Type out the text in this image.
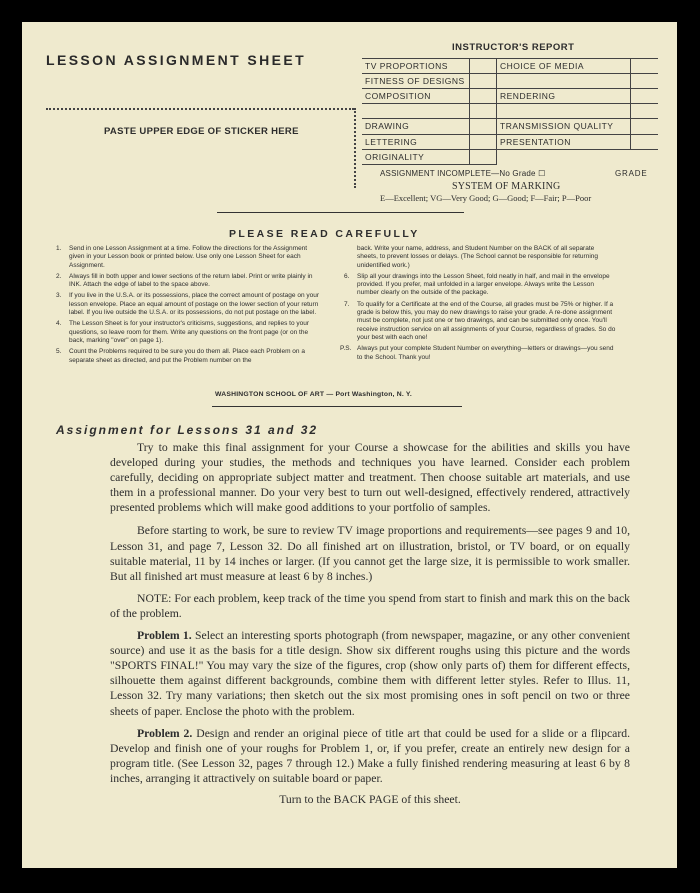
LESSON ASSIGNMENT SHEET
PASTE UPPER EDGE OF STICKER HERE
INSTRUCTOR'S REPORT
TV PROPORTIONS
FITNESS OF DESIGNS
COMPOSITION
DRAWING
LETTERING
ORIGINALITY
CHOICE OF MEDIA
RENDERING
TRANSMISSION QUALITY
PRESENTATION
ASSIGNMENT INCOMPLETE—No Grade ☐	GRADE
SYSTEM OF MARKING
E—Excellent; VG—Very Good; G—Good; F—Fair; P—Poor
PLEASE READ CAREFULLY
1. Send in one Lesson Assignment at a time. Follow the directions for the Assignment given in your Lesson book or printed below. Use only one Lesson Sheet for each Assignment.
2. Always fill in both upper and lower sections of the return label. Print or write plainly in INK. Attach the edge of label to the space above.
3. If you live in the U.S.A. or its possessions, place the correct amount of postage on your lesson envelope. Place an equal amount of postage on the lower section of your return label. If you live outside the U.S.A. or its possessions, do not put postage on the label.
4. The Lesson Sheet is for your instructor's criticisms, suggestions, and replies to your questions, so leave room for them. Write any questions on the front page (or on the back, marking "over" on page 1).
5. Count the Problems required to be sure you do them all. Place each Problem on a separate sheet as directed, and put the Problem number on the
back. Write your name, address, and Student Number on the BACK of all separate sheets, to prevent losses or delays. (The School cannot be responsible for returning unidentified work.)
6. Slip all your drawings into the Lesson Sheet, fold neatly in half, and mail in the envelope provided. If you prefer, mail unfolded in a larger envelope. Always write the Lesson number clearly on the outside of the package.
7. To qualify for a Certificate at the end of the Course, all grades must be 75% or higher. If a grade is below this, you may do new drawings to raise your grade. A re-done assignment must be complete, not just one or two drawings, and can be submitted only once. You'll receive instruction service on all assignments of your Course, regardless of grades. So do your best with each one!
P.S. Always put your complete Student Number on everything—letters or drawings—you send to the School. Thank you!
WASHINGTON SCHOOL OF ART — Port Washington, N. Y.
Assignment for Lessons 31 and 32

Try to make this final assignment for your Course a showcase for the abilities and skills you have developed during your studies, the methods and techniques you have learned. Consider each problem carefully, deciding on appropriate subject matter and treatment. Then choose suitable art materials, and use them in a professional manner. Do your very best to turn out well-designed, effectively rendered, attractively presented problems which will make good additions to your portfolio of samples.

Before starting to work, be sure to review TV image proportions and requirements—see pages 9 and 10, Lesson 31, and page 7, Lesson 32. Do all finished art on illustration, bristol, or TV board, or on equally suitable material, 11 by 14 inches or larger. (If you cannot get the large size, it is permissible to work smaller. But all finished art must measure at least 6 by 8 inches.)

NOTE: For each problem, keep track of the time you spend from start to finish and mark this on the back of the problem.

Problem 1. Select an interesting sports photograph (from newspaper, magazine, or any other convenient source) and use it as the basis for a title design. Show six different roughs using this picture and the words "SPORTS FINAL!" You may vary the size of the figures, crop (show only parts of) them for different effects, silhouette them against different backgrounds, combine them with different letter styles. Refer to Illus. 11, Lesson 32. Try many variations; then sketch out the six most promising ones in soft pencil on two or three sheets of paper. Enclose the photo with the problem.

Problem 2. Design and render an original piece of title art that could be used for a slide or a flipcard. Develop and finish one of your roughs for Problem 1, or, if you prefer, create an entirely new design for a program title. (See Lesson 32, pages 7 through 12.) Make a fully finished rendering measuring at least 6 by 8 inches, arranging it attractively on suitable board or paper.

Turn to the BACK PAGE of this sheet.
